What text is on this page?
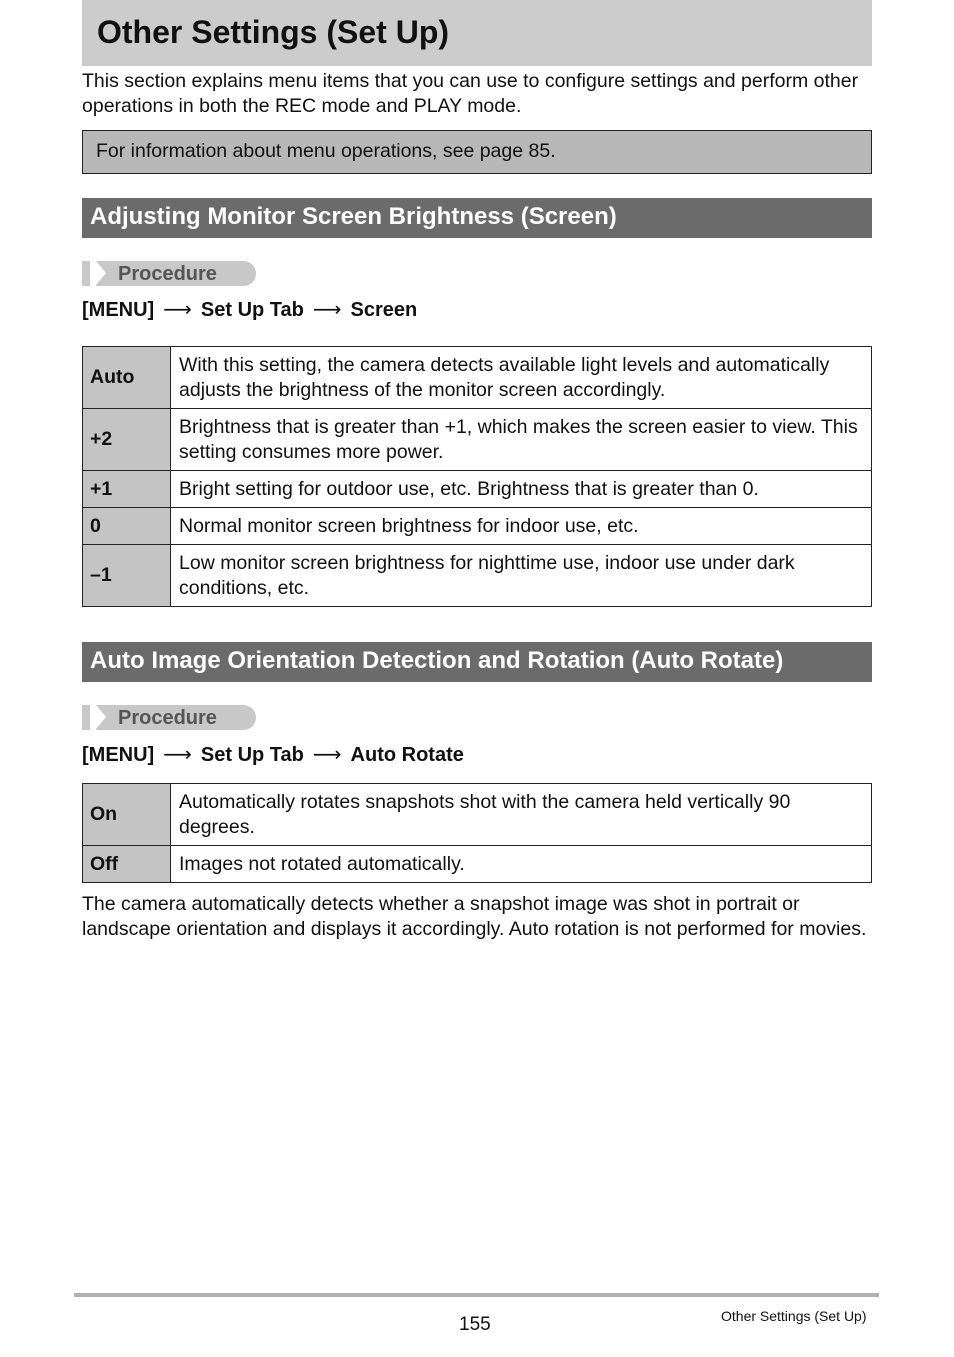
Other Settings (Set Up)
This section explains menu items that you can use to configure settings and perform other operations in both the REC mode and PLAY mode.
For information about menu operations, see page 85.
Adjusting Monitor Screen Brightness (Screen)
Procedure
[MENU] ⟶ Set Up Tab ⟶ Screen
Auto	With this setting, the camera detects available light levels and automatically adjusts the brightness of the monitor screen accordingly.
+2	Brightness that is greater than +1, which makes the screen easier to view. This setting consumes more power.
+1	Bright setting for outdoor use, etc. Brightness that is greater than 0.
0	Normal monitor screen brightness for indoor use, etc.
–1	Low monitor screen brightness for nighttime use, indoor use under dark conditions, etc.
Auto Image Orientation Detection and Rotation (Auto Rotate)
Procedure
[MENU] ⟶ Set Up Tab ⟶ Auto Rotate
On	Automatically rotates snapshots shot with the camera held vertically 90 degrees.
Off	Images not rotated automatically.
The camera automatically detects whether a snapshot image was shot in portrait or landscape orientation and displays it accordingly. Auto rotation is not performed for movies.
155	Other Settings (Set Up)
